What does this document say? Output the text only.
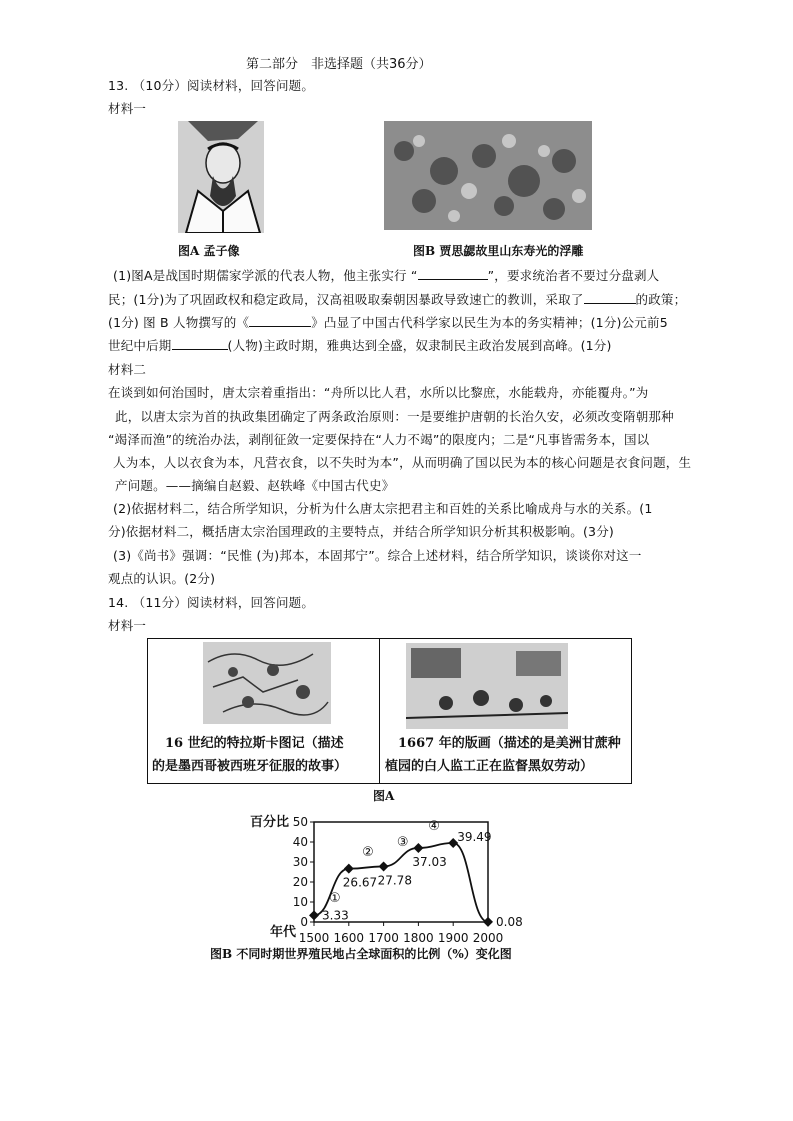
第二部分　非选择题（共36分）
13. （10分）阅读材料，回答问题。
材料一
图A 孟子像	图B 贾思勰故里山东寿光的浮雕
(1)图A是战国时期儒家学派的代表人物，他主张实行 “	”，要求统治者不要过分盘剥人
民；(1分)为了巩固政权和稳定政局，汉高祖吸取秦朝因暴政导致速亡的教训，采取了	的政策；
(1分) 图 B 人物撰写的《	》凸显了中国古代科学家以民生为本的务实精神；(1分)公元前5
世纪中后期	(人物)主政时期，雅典达到全盛，奴隶制民主政治发展到高峰。(1分)
材料二
在谈到如何治国时，唐太宗着重指出：“舟所以比人君，水所以比黎庶，水能载舟，亦能覆舟。”为
此，以唐太宗为首的执政集团确定了两条政治原则：一是要维护唐朝的长治久安，必须改变隋朝那种
“竭泽而渔”的统治办法，剥削征敛一定要保持在“人力不竭”的限度内；二是“凡事皆需务本，国以
人为本，人以衣食为本，凡营衣食，以不失时为本”，从而明确了国以民为本的核心问题是衣食问题，生
产问题。——摘编自赵毅、赵轶峰《中国古代史》
(2)依据材料二，结合所学知识，分析为什么唐太宗把君主和百姓的关系比喻成舟与水的关系。(1
分)依据材料二，概括唐太宗治国理政的主要特点，并结合所学知识分析其积极影响。(3分)
(3)《尚书》强调：“民惟 (为)邦本，本固邦宁”。综合上述材料，结合所学知识，谈谈你对这一
观点的认识。(2分)
14. （11分）阅读材料，回答问题。
材料一
 16 世纪的特拉斯卡图记（描述
的是墨西哥被西班牙征服的故事）
 1667 年的版画（描述的是美洲甘蔗种
植园的白人监工正在监督黑奴劳动）
图A
0
10
20
30
40
50
1500 1600 1700 1800 1900 2000
百分比
年代
3.33
26.67 27.78
37.03
39.49
0.08
①
②
③
④
图B 不同时期世界殖民地占全球面积的比例（%）变化图
